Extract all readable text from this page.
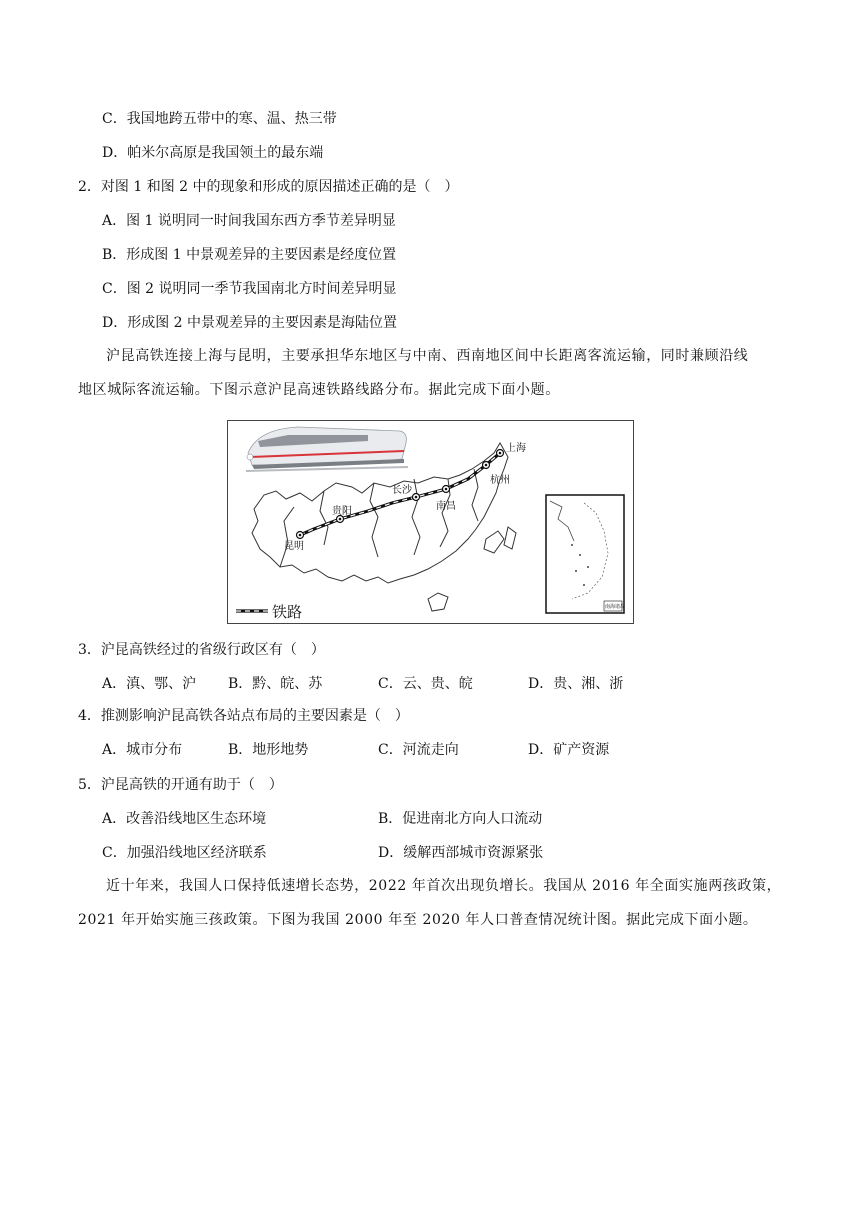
C．我国地跨五带中的寒、温、热三带
D．帕米尔高原是我国领土的最东端
2．对图 1 和图 2 中的现象和形成的原因描述正确的是（　）
A．图 1 说明同一时间我国东西方季节差异明显
B．形成图 1 中景观差异的主要因素是经度位置
C．图 2 说明同一季节我国南北方时间差异明显
D．形成图 2 中景观差异的主要因素是海陆位置

沪昆高铁连接上海与昆明，主要承担华东地区与中南、西南地区间中长距离客流运输，同时兼顾沿线

地区城际客流运输。下图示意沪昆高速铁路线路分布。据此完成下面小题。

上海
杭州
长沙
南昌
贵阳
昆明
南海诸岛
铁路
3．沪昆高铁经过的省级行政区有（　）
A．滇、鄂、沪 B．黔、皖、苏	C．云、贵、皖	D．贵、湘、浙
4．推测影响沪昆高铁各站点布局的主要因素是（　）
A．城市分布	B．地形地势	C．河流走向	D．矿产资源
5．沪昆高铁的开通有助于（　）
A．改善沿线地区生态环境	B．促进南北方向人口流动
C．加强沿线地区经济联系	D．缓解西部城市资源紧张

近十年来，我国人口保持低速增长态势，2022 年首次出现负增长。我国从 2016 年全面实施两孩政策，

2021 年开始实施三孩政策。下图为我国 2000 年至 2020 年人口普查情况统计图。据此完成下面小题。
